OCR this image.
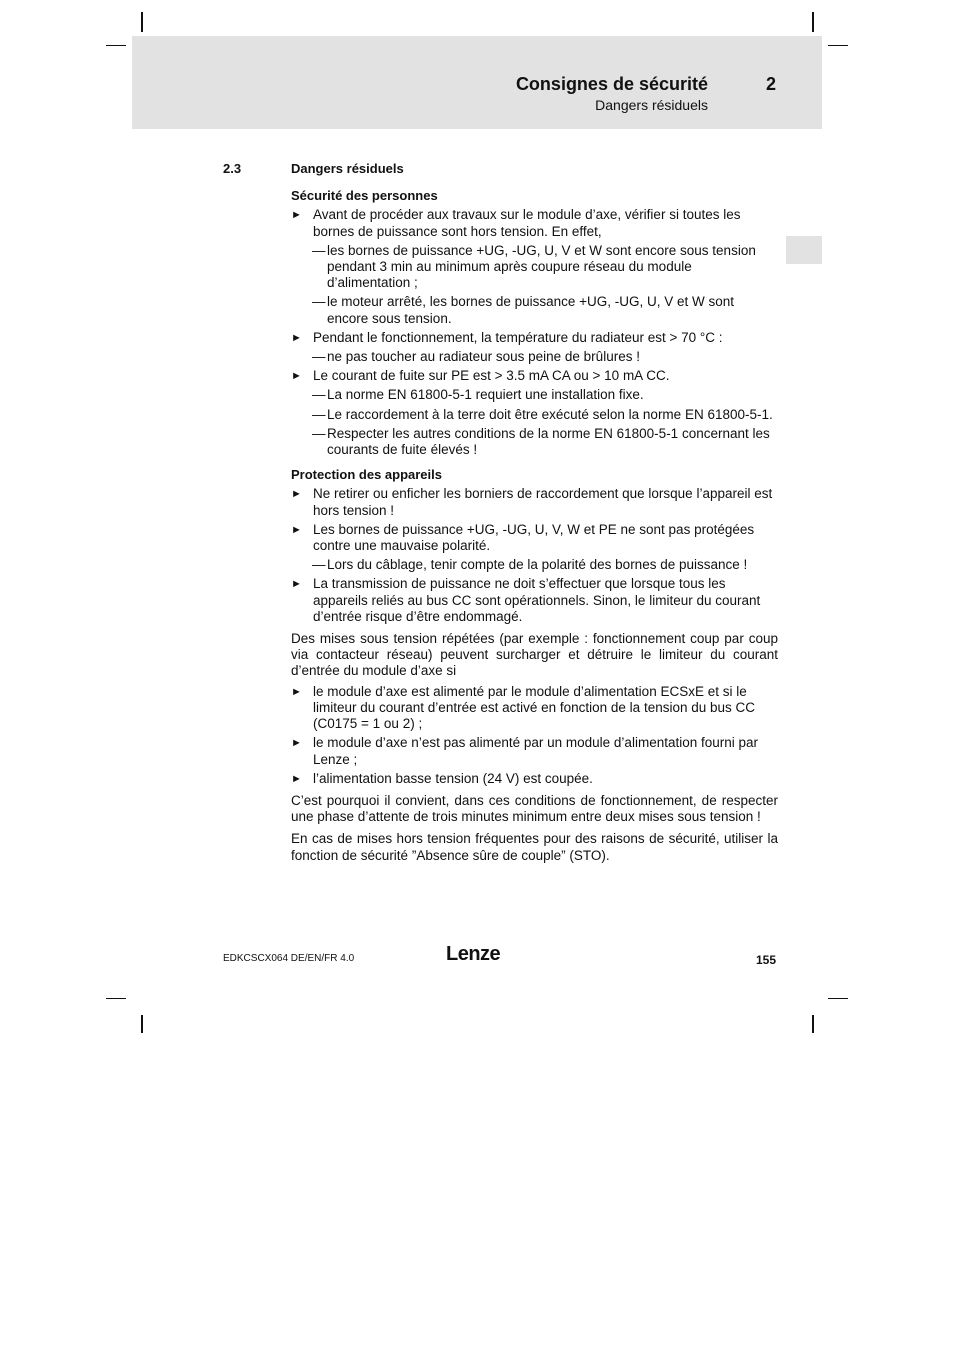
Consignes de sécurité	2
Dangers résiduels
2.3	Dangers résiduels
Sécurité des personnes
► Avant de procéder aux travaux sur le module d’axe, vérifier si toutes les bornes de puissance sont hors tension. En effet,
— les bornes de puissance +UG, -UG, U, V et W sont encore sous tension pendant 3 min au minimum après coupure réseau du module d’alimentation ;
— le moteur arrêté, les bornes de puissance +UG, -UG, U, V et W sont encore sous tension.
► Pendant le fonctionnement, la température du radiateur est > 70 °C :
— ne pas toucher au radiateur sous peine de brûlures !
► Le courant de fuite sur PE est > 3.5 mA CA ou > 10 mA CC.
— La norme EN 61800-5-1 requiert une installation fixe.
— Le raccordement à la terre doit être exécuté selon la norme EN 61800-5-1.
— Respecter les autres conditions de la norme EN 61800-5-1 concernant les courants de fuite élevés !
Protection des appareils
► Ne retirer ou enficher les borniers de raccordement que lorsque l’appareil est hors tension !
► Les bornes de puissance +UG, -UG, U, V, W et PE ne sont pas protégées contre une mauvaise polarité.
— Lors du câblage, tenir compte de la polarité des bornes de puissance !
► La transmission de puissance ne doit s’effectuer que lorsque tous les appareils reliés au bus CC sont opérationnels. Sinon, le limiteur du courant d’entrée risque d’être endommagé.
Des mises sous tension répétées (par exemple : fonctionnement coup par coup via contacteur réseau) peuvent surcharger et détruire le limiteur du courant d’entrée du module d’axe si
► le module d’axe est alimenté par le module d’alimentation ECSxE et si le limiteur du courant d’entrée est activé en fonction de la tension du bus CC (C0175 = 1 ou 2) ;
► le module d’axe n’est pas alimenté par un module d’alimentation fourni par Lenze ;
► l’alimentation basse tension (24 V) est coupée.
C’est pourquoi il convient, dans ces conditions de fonctionnement, de respecter une phase d’attente de trois minutes minimum entre deux mises sous tension !
En cas de mises hors tension fréquentes pour des raisons de sécurité, utiliser la fonction de sécurité ”Absence sûre de couple” (STO).
EDKCSCX064 DE/EN/FR 4.0	Lenze	155
